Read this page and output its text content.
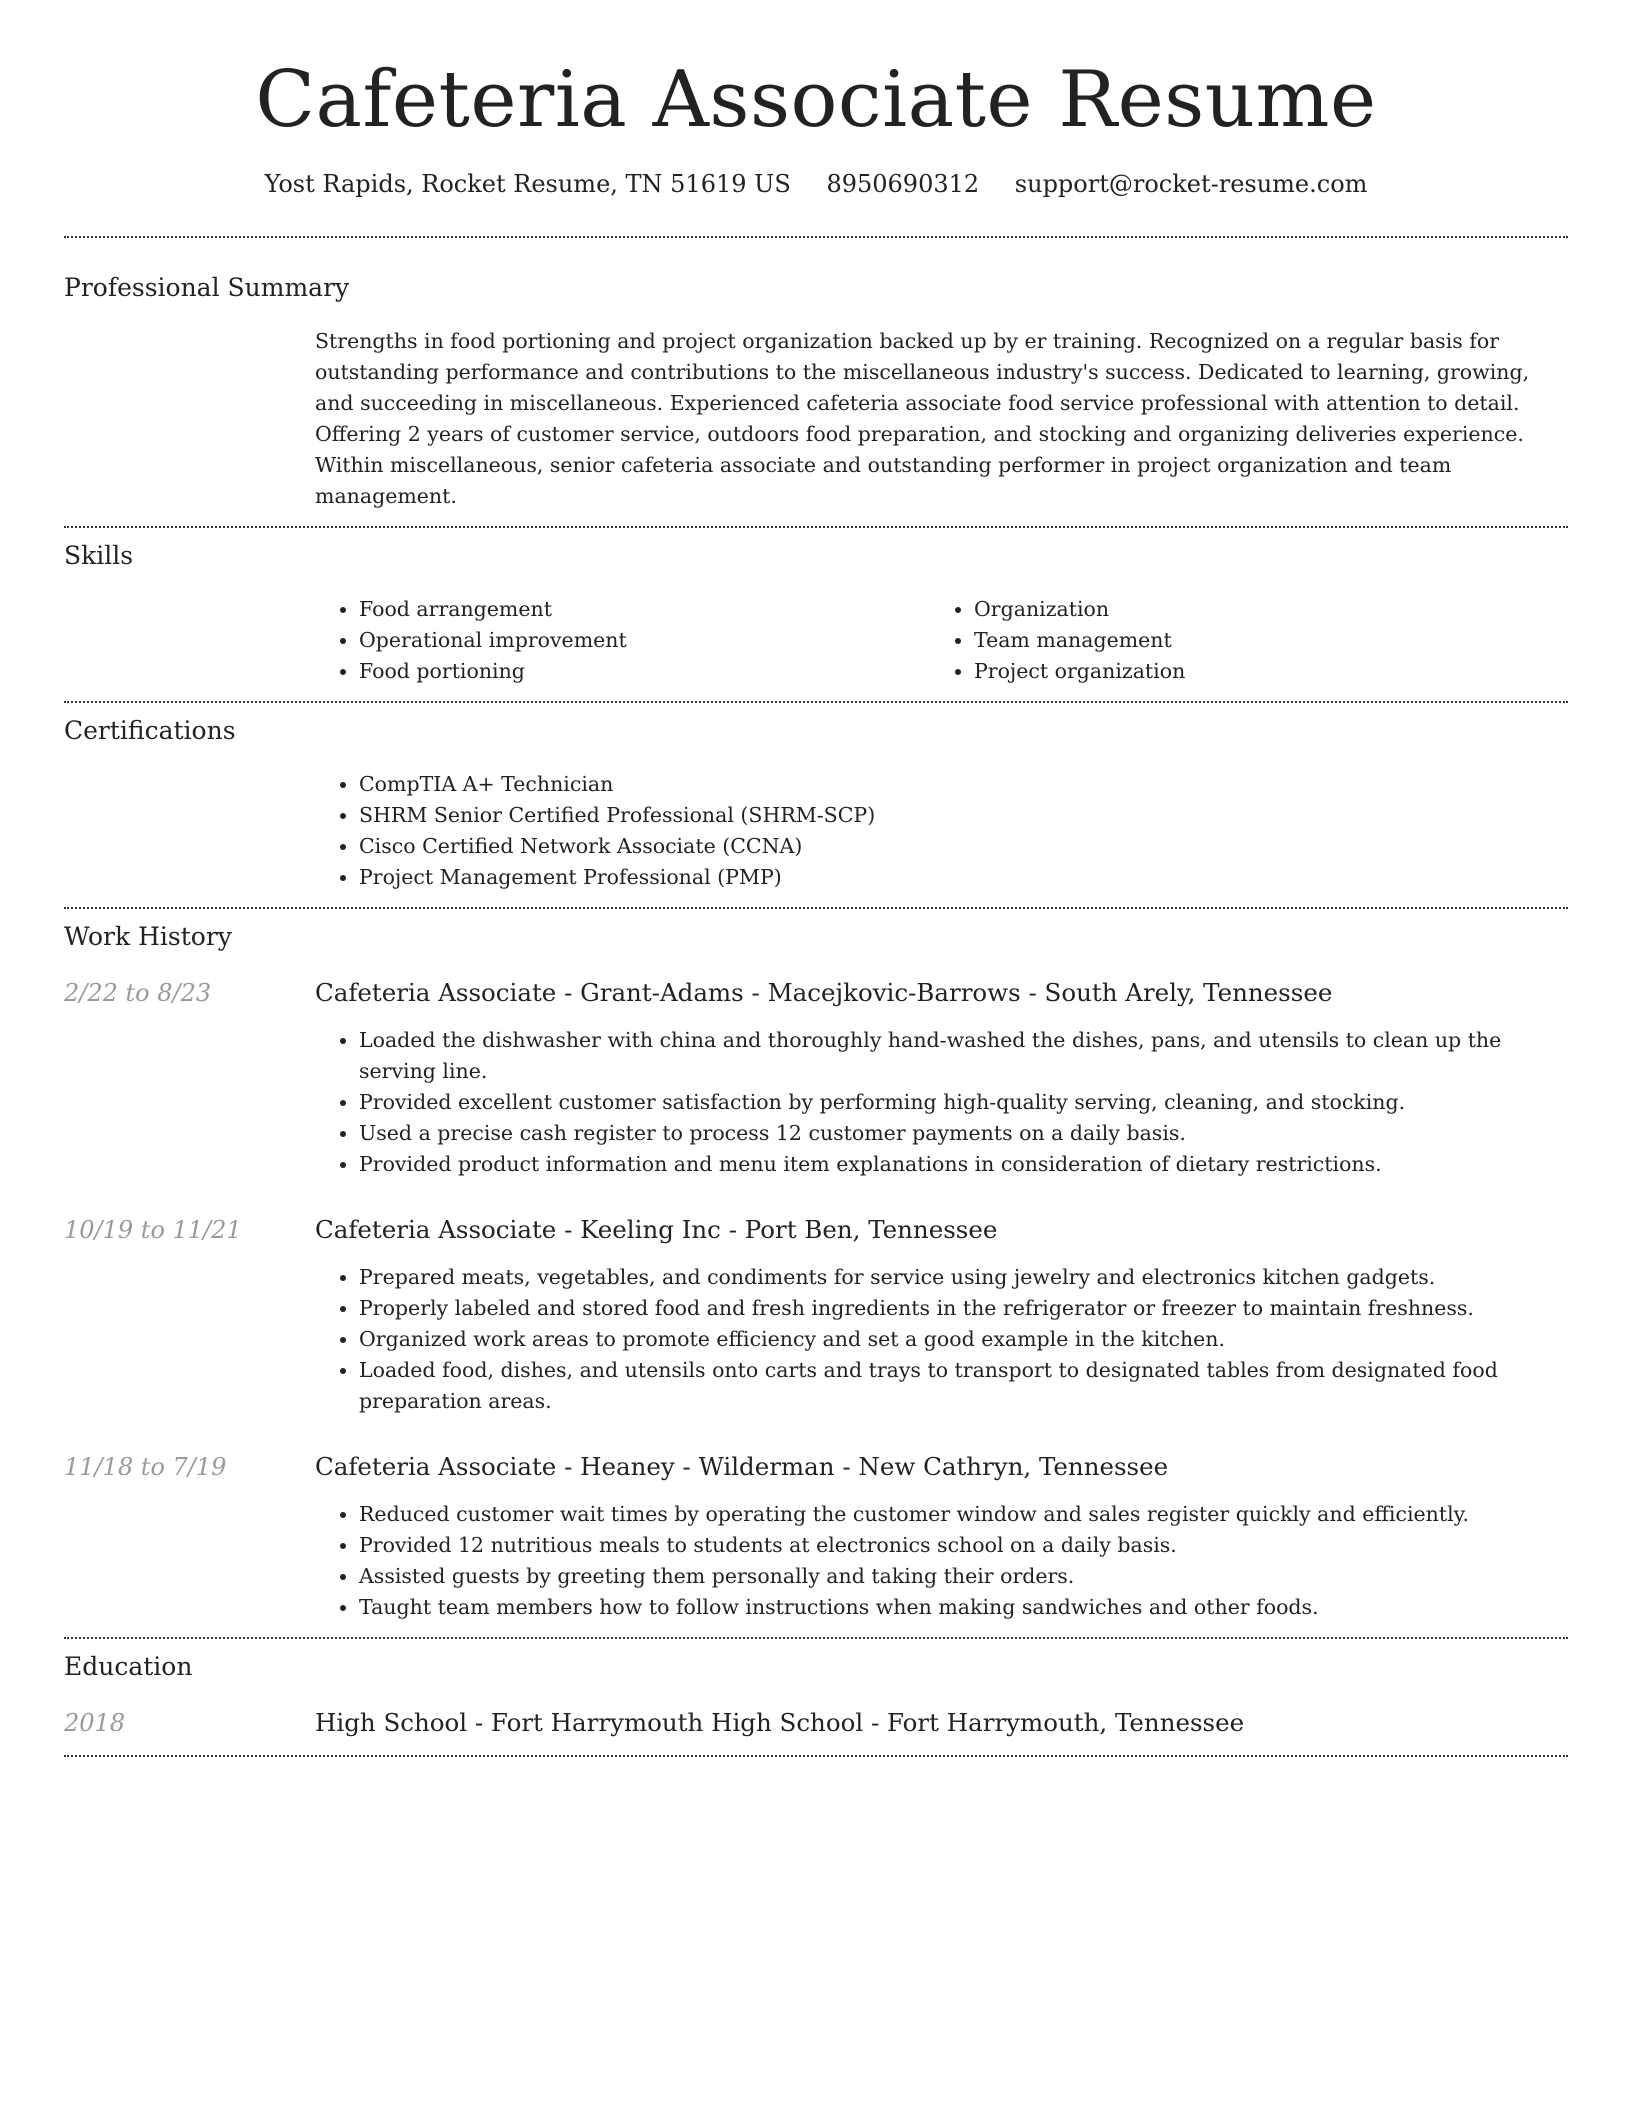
Cafeteria Associate Resume
Yost Rapids, Rocket Resume, TN 51619 US 8950690312 support@rocket-resume.com
Professional Summary

Strengths in food portioning and project organization backed up by er training. Recognized on a regular basis for outstanding performance and contributions to the miscellaneous industry's success. Dedicated to learning, growing, and succeeding in miscellaneous. Experienced cafeteria associate food service professional with attention to detail. Offering 2 years of customer service, outdoors food preparation, and stocking and organizing deliveries experience. Within miscellaneous, senior cafeteria associate and outstanding performer in project organization and team management.

Skills
• Food arrangement
• Operational improvement
• Food portioning
• Organization
• Team management
• Project organization
Certifications
• CompTIA A+ Technician
• SHRM Senior Certified Professional (SHRM-SCP)
• Cisco Certified Network Associate (CCNA)
• Project Management Professional (PMP)
Work History
2/22 to 8/23	Cafeteria Associate - Grant-Adams - Macejkovic-Barrows - South Arely, Tennessee
• Loaded the dishwasher with china and thoroughly hand-washed the dishes, pans, and utensils to clean up the serving line.
• Provided excellent customer satisfaction by performing high-quality serving, cleaning, and stocking.
• Used a precise cash register to process 12 customer payments on a daily basis.
• Provided product information and menu item explanations in consideration of dietary restrictions.
10/19 to 11/21	Cafeteria Associate - Keeling Inc - Port Ben, Tennessee
• Prepared meats, vegetables, and condiments for service using jewelry and electronics kitchen gadgets.
• Properly labeled and stored food and fresh ingredients in the refrigerator or freezer to maintain freshness.
• Organized work areas to promote efficiency and set a good example in the kitchen.
• Loaded food, dishes, and utensils onto carts and trays to transport to designated tables from designated food preparation areas.
11/18 to 7/19	Cafeteria Associate - Heaney - Wilderman - New Cathryn, Tennessee
• Reduced customer wait times by operating the customer window and sales register quickly and efficiently.
• Provided 12 nutritious meals to students at electronics school on a daily basis.
• Assisted guests by greeting them personally and taking their orders.
• Taught team members how to follow instructions when making sandwiches and other foods.
Education
2018	High School - Fort Harrymouth High School - Fort Harrymouth, Tennessee
